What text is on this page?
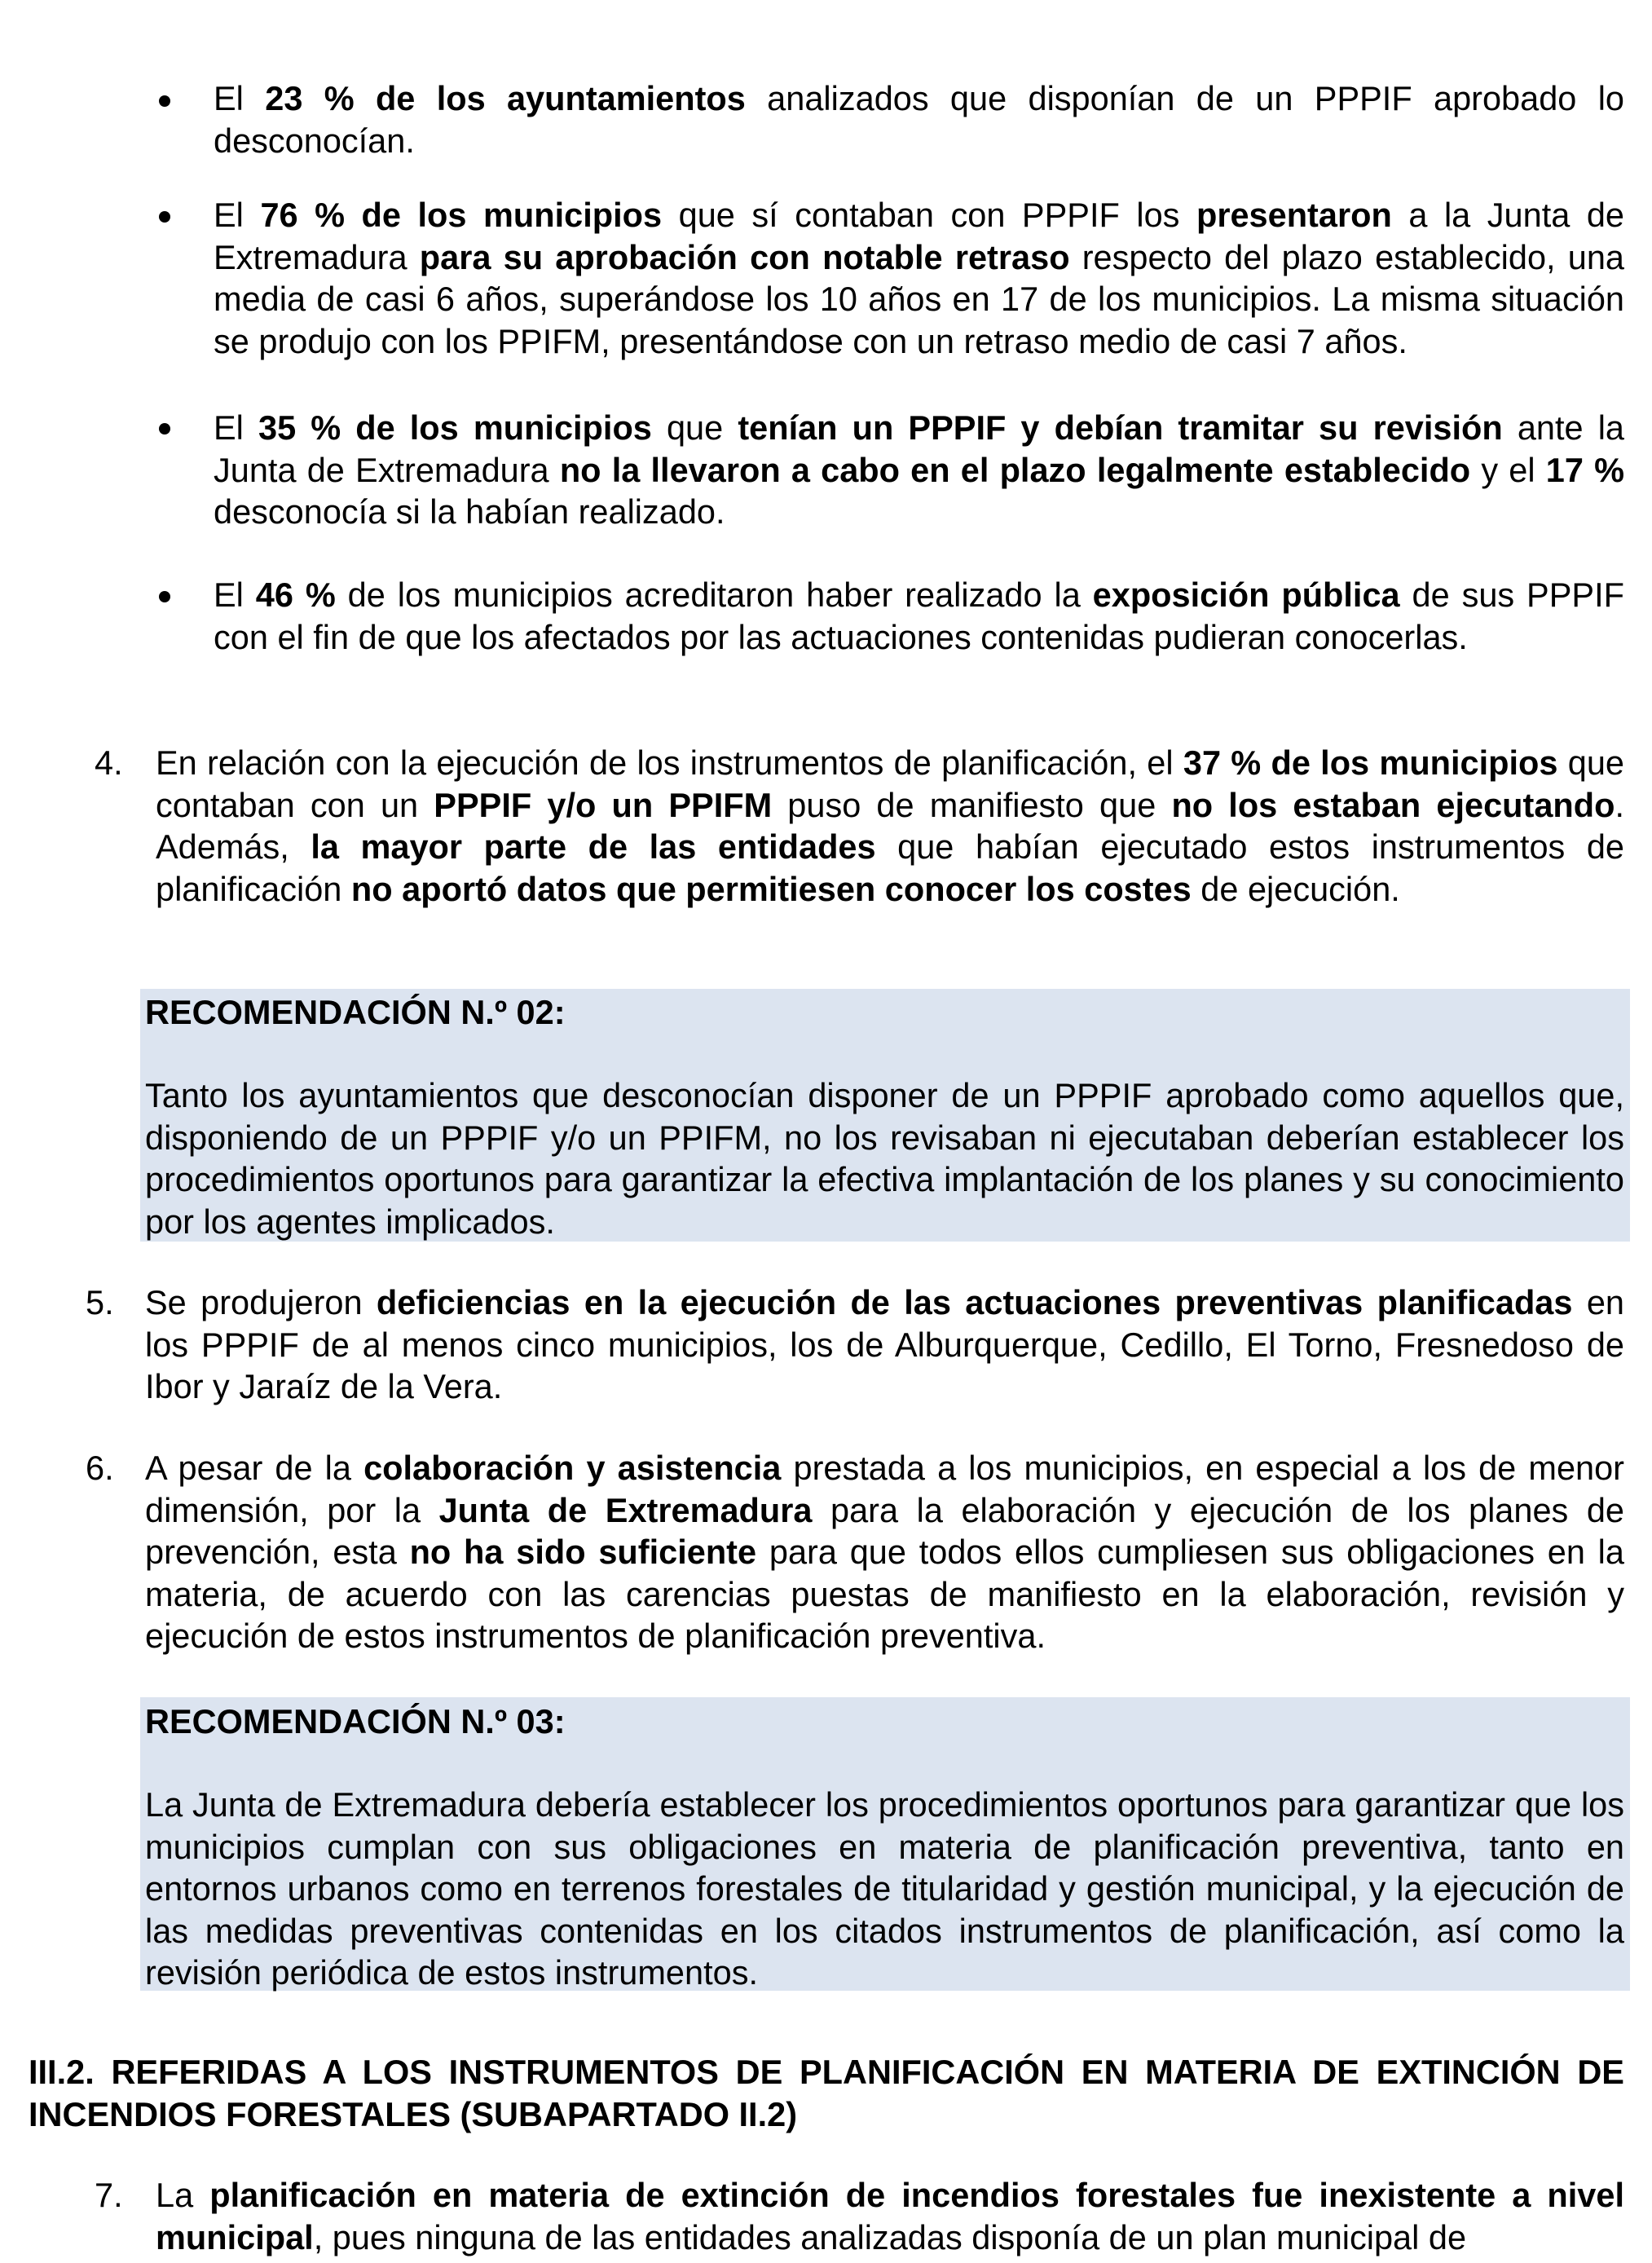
El 23 % de los ayuntamientos analizados que disponían de un PPPIF aprobado lo desconocían.
El 76 % de los municipios que sí contaban con PPPIF los presentaron a la Junta de Extremadura para su aprobación con notable retraso respecto del plazo establecido, una media de casi 6 años, superándose los 10 años en 17 de los municipios. La misma situación se produjo con los PPIFM, presentándose con un retraso medio de casi 7 años.
El 35 % de los municipios que tenían un PPPIF y debían tramitar su revisión ante la Junta de Extremadura no la llevaron a cabo en el plazo legalmente establecido y el 17 % desconocía si la habían realizado.
El 46 % de los municipios acreditaron haber realizado la exposición pública de sus PPPIF con el fin de que los afectados por las actuaciones contenidas pudieran conocerlas.
4. En relación con la ejecución de los instrumentos de planificación, el 37 % de los municipios que contaban con un PPPIF y/o un PPIFM puso de manifiesto que no los estaban ejecutando. Además, la mayor parte de las entidades que habían ejecutado estos instrumentos de planificación no aportó datos que permitiesen conocer los costes de ejecución.
RECOMENDACIÓN N.º 02:
Tanto los ayuntamientos que desconocían disponer de un PPPIF aprobado como aquellos que, disponiendo de un PPPIF y/o un PPIFM, no los revisaban ni ejecutaban deberían establecer los procedimientos oportunos para garantizar la efectiva implantación de los planes y su conocimiento por los agentes implicados.
5. Se produjeron deficiencias en la ejecución de las actuaciones preventivas planificadas en los PPPIF de al menos cinco municipios, los de Alburquerque, Cedillo, El Torno, Fresnedoso de Ibor y Jaraíz de la Vera.
6. A pesar de la colaboración y asistencia prestada a los municipios, en especial a los de menor dimensión, por la Junta de Extremadura para la elaboración y ejecución de los planes de prevención, esta no ha sido suficiente para que todos ellos cumpliesen sus obligaciones en la materia, de acuerdo con las carencias puestas de manifiesto en la elaboración, revisión y ejecución de estos instrumentos de planificación preventiva.
RECOMENDACIÓN N.º 03:
La Junta de Extremadura debería establecer los procedimientos oportunos para garantizar que los municipios cumplan con sus obligaciones en materia de planificación preventiva, tanto en entornos urbanos como en terrenos forestales de titularidad y gestión municipal, y la ejecución de las medidas preventivas contenidas en los citados instrumentos de planificación, así como la revisión periódica de estos instrumentos.
III.2. REFERIDAS A LOS INSTRUMENTOS DE PLANIFICACIÓN EN MATERIA DE EXTINCIÓN DE INCENDIOS FORESTALES (SUBAPARTADO II.2)
7. La planificación en materia de extinción de incendios forestales fue inexistente a nivel municipal, pues ninguna de las entidades analizadas disponía de un plan municipal de
